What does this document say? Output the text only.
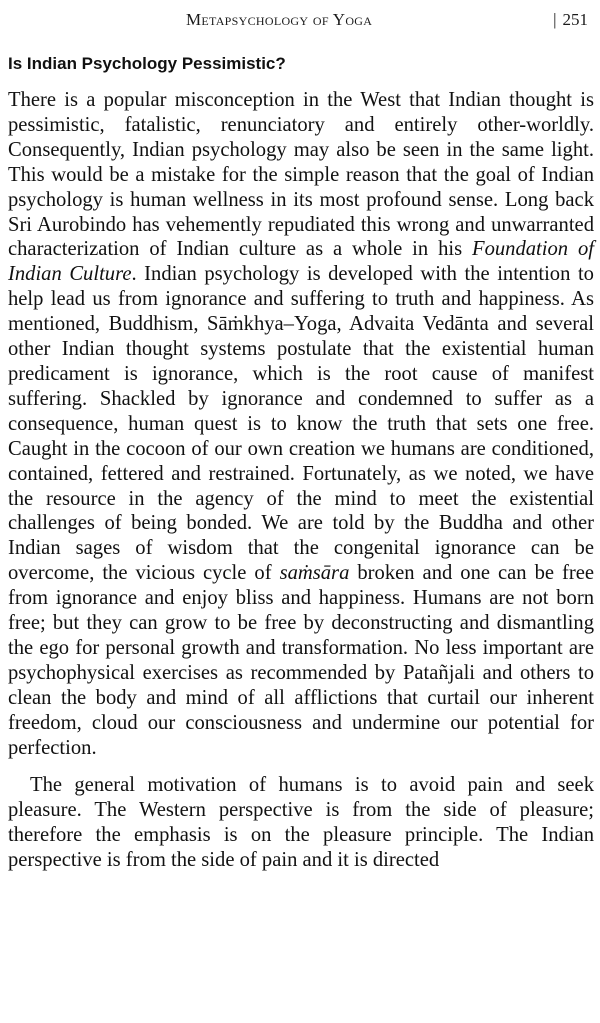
Metapsychology of Yoga	| 251
Is Indian Psychology Pessimistic?

There is a popular misconception in the West that Indian thought is pessimistic, fatalistic, renunciatory and entirely other-worldly. Consequently, Indian psychology may also be seen in the same light. This would be a mistake for the simple reason that the goal of Indian psychology is human wellness in its most profound sense. Long back Sri Aurobindo has vehemently repudiated this wrong and unwarranted characterization of Indian culture as a whole in his Foundation of Indian Culture. Indian psychology is developed with the intention to help lead us from ignorance and suffering to truth and happiness. As mentioned, Buddhism, Sāṁkhya–Yoga, Advaita Vedānta and several other Indian thought systems postulate that the existential human predicament is ignorance, which is the root cause of manifest suffering. Shackled by ignorance and condemned to suffer as a consequence, human quest is to know the truth that sets one free. Caught in the cocoon of our own creation we humans are conditioned, contained, fettered and restrained. Fortunately, as we noted, we have the resource in the agency of the mind to meet the existential challenges of being bonded. We are told by the Buddha and other Indian sages of wisdom that the congenital ignorance can be overcome, the vicious cycle of saṁsāra broken and one can be free from ignorance and enjoy bliss and happiness. Humans are not born free; but they can grow to be free by deconstructing and dismantling the ego for personal growth and transformation. No less important are psychophysical exercises as recommended by Patañjali and others to clean the body and mind of all afflictions that curtail our inherent freedom, cloud our consciousness and undermine our potential for perfection.

The general motivation of humans is to avoid pain and seek pleasure. The Western perspective is from the side of pleasure; therefore the emphasis is on the pleasure principle. The Indian perspective is from the side of pain and it is directed
